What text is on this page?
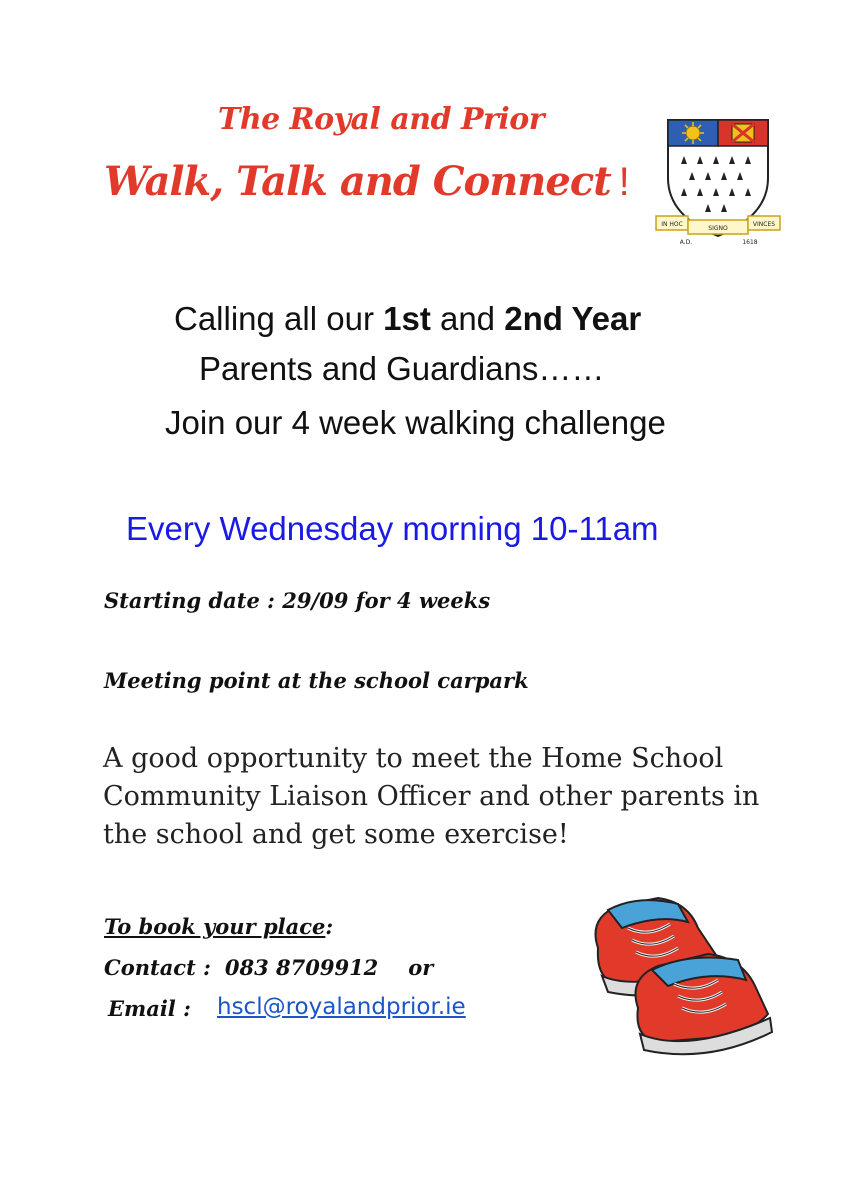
The Royal and Prior
Walk, Talk and Connect !
IN HOC
SIGNO
VINCES
A.D.	1618
Calling all our 1st and 2nd Year
Parents and Guardians……
Join our 4 week walking challenge
Every Wednesday morning 10-11am
Starting date : 29/09 for 4 weeks
Meeting point at the school carpark
A good opportunity to meet the Home School Community Liaison Officer and other parents in the school and get some exercise!
To book your place:
Contact : 083 8709912 or
Email : hscl@royalandprior.ie
